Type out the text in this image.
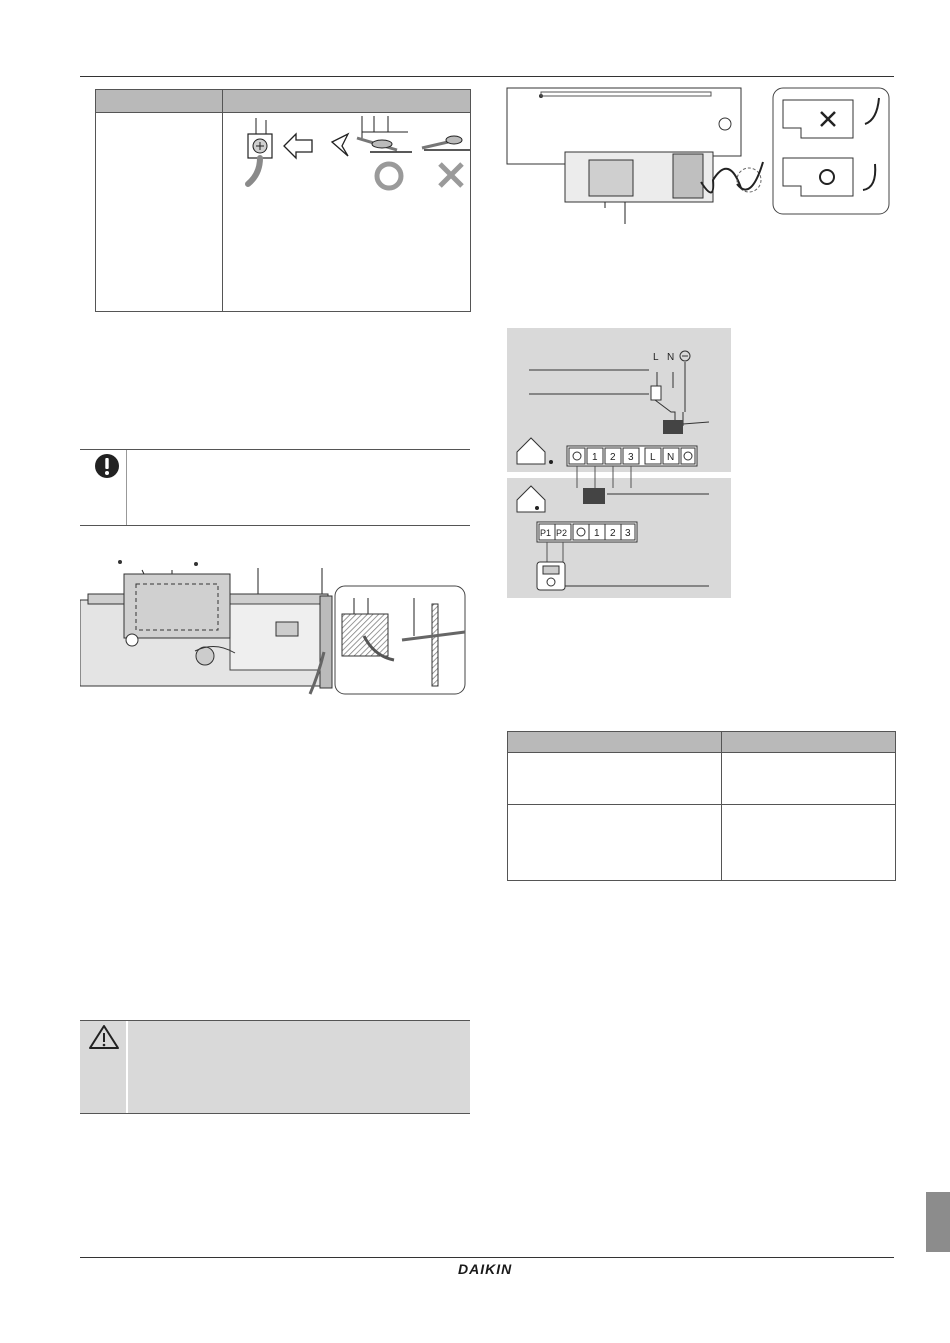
L N
1 2 3 L N
P1 P2	1 2 3
DAIKIN
